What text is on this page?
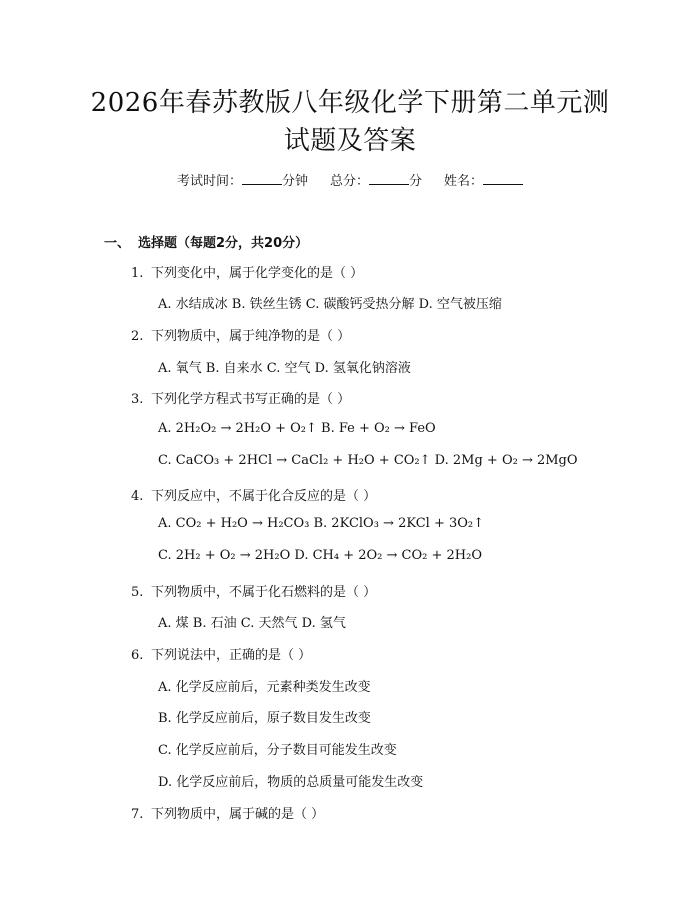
2026年春苏教版八年级化学下册第二单元测
试题及答案
考试时间：	分钟 总分：	分 姓名：
一、 选择题（每题2分，共20分）
1. 下列变化中，属于化学变化的是（ ）
A. 水结成冰 B. 铁丝生锈 C. 碳酸钙受热分解 D. 空气被压缩
2. 下列物质中，属于纯净物的是（ ）
A. 氧气 B. 自来水 C. 空气 D. 氢氧化钠溶液
3. 下列化学方程式书写正确的是（ ）
A. 2H₂O₂ → 2H₂O + O₂↑ B. Fe + O₂ → FeO
C. CaCO₃ + 2HCl → CaCl₂ + H₂O + CO₂↑ D. 2Mg + O₂ → 2MgO
4. 下列反应中，不属于化合反应的是（ ）
A. CO₂ + H₂O → H₂CO₃ B. 2KClO₃ → 2KCl + 3O₂↑
C. 2H₂ + O₂ → 2H₂O D. CH₄ + 2O₂ → CO₂ + 2H₂O
5. 下列物质中，不属于化石燃料的是（ ）
A. 煤 B. 石油 C. 天然气 D. 氢气
6. 下列说法中，正确的是（ ）
A. 化学反应前后，元素种类发生改变
B. 化学反应前后，原子数目发生改变
C. 化学反应前后，分子数目可能发生改变
D. 化学反应前后，物质的总质量可能发生改变
7. 下列物质中，属于碱的是（ ）
